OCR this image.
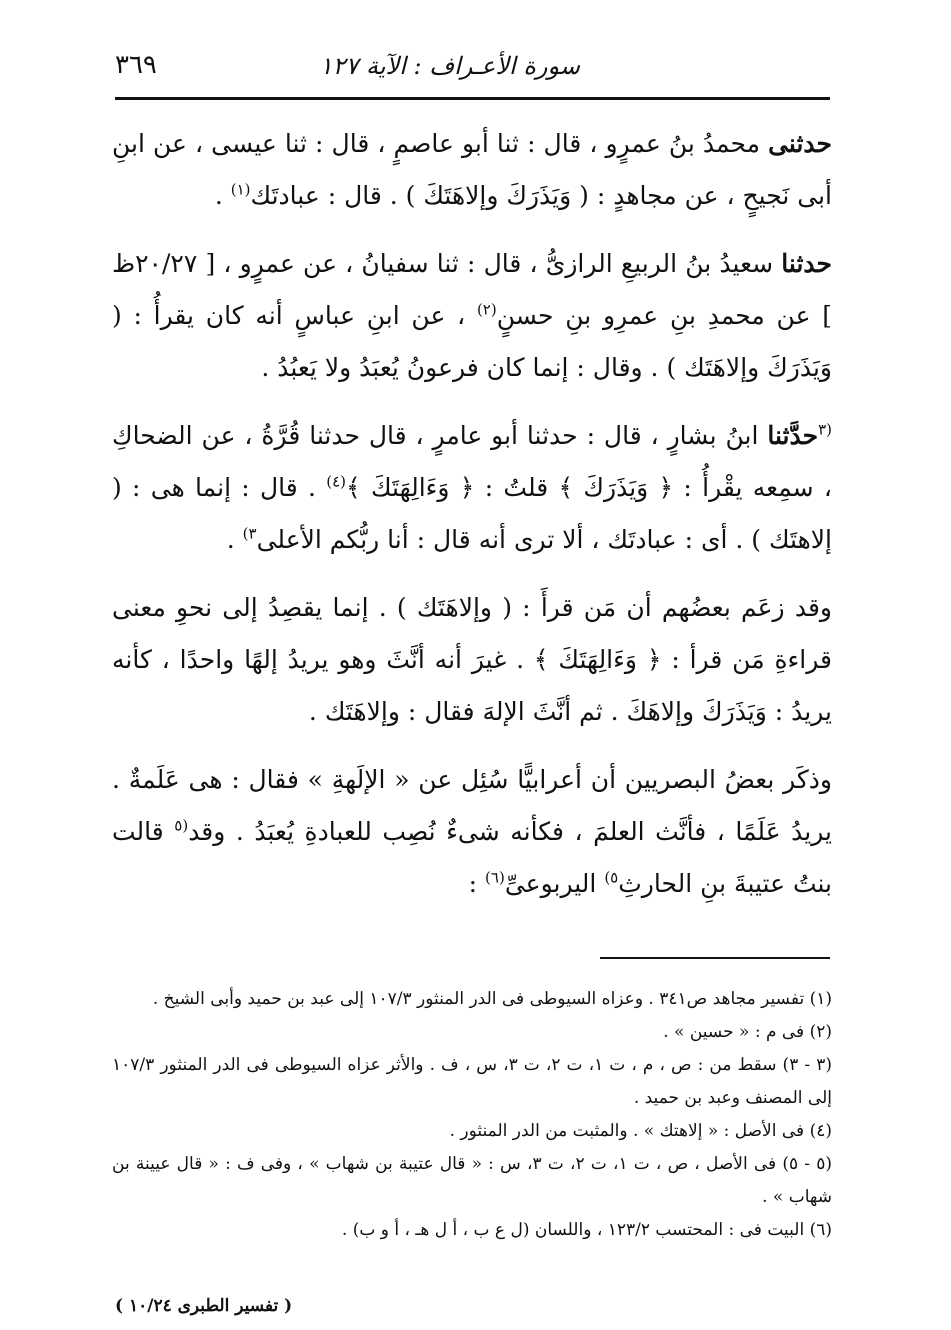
٣٦٩	سورة الأعـراف : الآية ١٢٧

حدثنى محمدُ بنُ عمرٍو ، قال : ثنا أبو عاصمٍ ، قال : ثنا عيسى ، عن ابنِ أبى نَجيحٍ ، عن مجاهدٍ : ( وَيَذَرَكَ وإلاهَتَكَ ) . قال : عبادتَك$^{(١)}$ .

حدثنا سعيدُ بنُ الربيعِ الرازىُّ ، قال : ثنا سفيانُ ، عن عمرٍو ، [ ٢٠/٢٧ظ ] عن محمدِ بنِ عمرِو بنِ حسنٍ$^{(٢)}$ ، عن ابنِ عباسٍ أنه كان يقرأُ : ( وَيَذَرَكَ وإلاهَتَك ) . وقال : إنما كان فرعونُ يُعبَدُ ولا يَعبُدُ .

$^{(٣}$حدَّثنا ابنُ بشارٍ ، قال : حدثنا أبو عامرٍ ، قال حدثنا قُرَّةُ ، عن الضحاكِ ، سمِعه يقْرأُ : ﴿ وَيَذَرَكَ ﴾ قلتُ : ﴿ وَءَالِهَتَكَ ﴾$^{(٤)}$ . قال : إنما هى : ( إلاهتَك ) . أى : عبادتَك ، ألا ترى أنه قال : أنا ربُّكم الأعلى$^{٣)}$ .

وقد زعَم بعضُهم أن مَن قرأَ : ( وإلاهَتَك ) . إنما يقصِدُ إلى نحوِ معنى قراءةِ مَن قرأ : ﴿ وَءَالِهَتَكَ ﴾ . غيرَ أنه أنَّثَ وهو يريدُ إلهًا واحدًا ، كأنه يريدُ : وَيَذَرَكَ وإلاهَكَ . ثم أنَّثَ الإلهَ فقال : وإلاهَتَك .

وذكَر بعضُ البصريين أن أعرابيًّا سُئِل عن « الإلَهةِ » فقال : هى عَلَمةٌ . يريدُ عَلَمًا ، فأنَّث العلمَ ، فكأنه شىءٌ نُصِب للعبادةِ يُعبَدُ . وقد$^{(٥}$ قالت بنتُ عتيبةَ بنِ الحارثِ$^{٥)}$ اليربوعىِّ$^{(٦)}$ :

(١) تفسير مجاهد ص٣٤١ . وعزاه السيوطى فى الدر المنثور ١٠٧/٣ إلى عبد بن حميد وأبى الشيخ .

(٢) فى م : « حسين » .

(٣ - ٣) سقط من : ص ، م ، ت ١، ت ٢، ت ٣، س ، ف . والأثر عزاه السيوطى فى الدر المنثور ١٠٧/٣ إلى المصنف وعبد بن حميد .

(٤) فى الأصل : « إلاهتك » . والمثبت من الدر المنثور .

(٥ - ٥) فى الأصل ، ص ، ت ١، ت ٢، ت ٣، س : « قال عتيبة بن شهاب » ، وفى ف : « قال عيينة بن شهاب » .

(٦) البيت فى : المحتسب ١٢٣/٢ ، واللسان (ل ع ب ، أ ل هـ ، أ و ب) .

( تفسير الطبرى ١٠/٢٤ )
